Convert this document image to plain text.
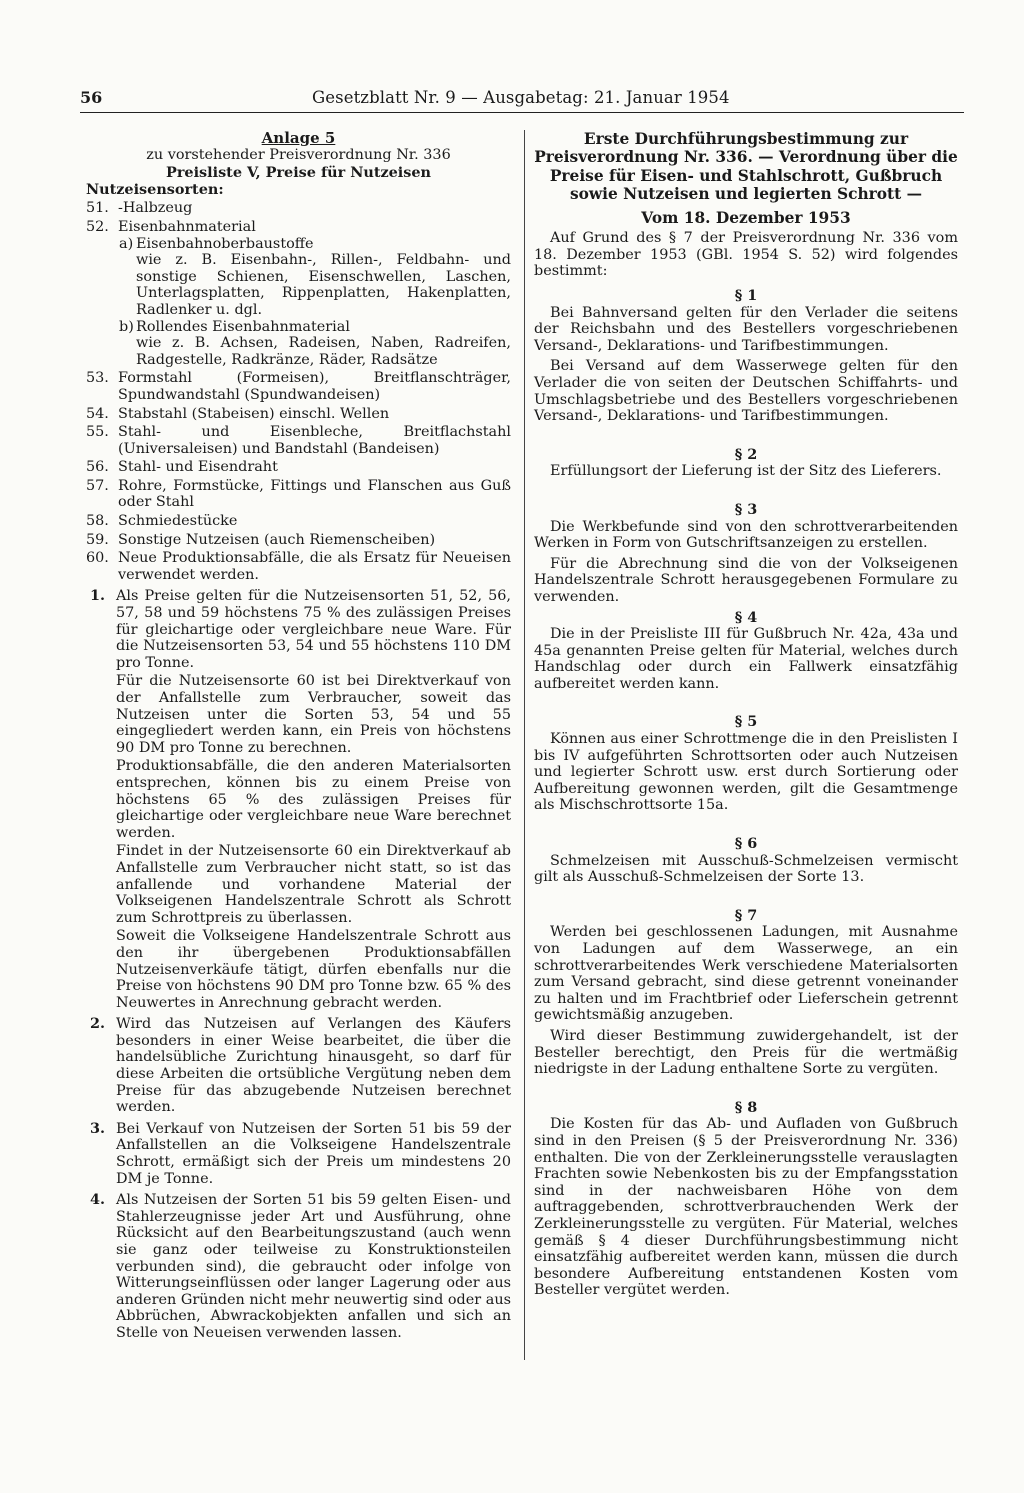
56	Gesetzblatt Nr. 9 — Ausgabetag: 21. Januar 1954
Anlage 5
zu vorstehender Preisverordnung Nr. 336
Preisliste V, Preise für Nutzeisen
Nutzeisensorten:
51. -Halbzeug
52. Eisenbahnmaterial
a) Eisenbahnoberbaustoffe
wie z. B. Eisenbahn-, Rillen-, Feldbahn- und sonstige Schienen, Eisenschwellen, Laschen, Unterlagsplatten, Rippenplatten, Hakenplatten, Radlenker u. dgl.
b) Rollendes Eisenbahnmaterial
wie z. B. Achsen, Radeisen, Naben, Radreifen, Radgestelle, Radkränze, Räder, Radsätze
53. Formstahl (Formeisen), Breitflanschträger, Spundwandstahl (Spundwandeisen)
54. Stabstahl (Stabeisen) einschl. Wellen
55. Stahl- und Eisenbleche, Breitflachstahl (Universaleisen) und Bandstahl (Bandeisen)
56. Stahl- und Eisendraht
57. Rohre, Formstücke, Fittings und Flanschen aus Guß oder Stahl
58. Schmiedestücke
59. Sonstige Nutzeisen (auch Riemenscheiben)
60. Neue Produktionsabfälle, die als Ersatz für Neueisen verwendet werden.
1. Als Preise gelten für die Nutzeisensorten 51, 52, 56, 57, 58 und 59 höchstens 75 % des zulässigen Preises für gleichartige oder vergleichbare neue Ware. Für die Nutzeisensorten 53, 54 und 55 höchstens 110 DM pro Tonne.
Für die Nutzeisensorte 60 ist bei Direktverkauf von der Anfallstelle zum Verbraucher, soweit das Nutzeisen unter die Sorten 53, 54 und 55 eingegliedert werden kann, ein Preis von höchstens 90 DM pro Tonne zu berechnen.
Produktionsabfälle, die den anderen Materialsorten entsprechen, können bis zu einem Preise von höchstens 65 % des zulässigen Preises für gleichartige oder vergleichbare neue Ware berechnet werden.
Findet in der Nutzeisensorte 60 ein Direktverkauf ab Anfallstelle zum Verbraucher nicht statt, so ist das anfallende und vorhandene Material der Volkseigenen Handelszentrale Schrott als Schrott zum Schrottpreis zu überlassen.
Soweit die Volkseigene Handelszentrale Schrott aus den ihr übergebenen Produktionsabfällen Nutzeisenverkäufe tätigt, dürfen ebenfalls nur die Preise von höchstens 90 DM pro Tonne bzw. 65 % des Neuwertes in Anrechnung gebracht werden.
2. Wird das Nutzeisen auf Verlangen des Käufers besonders in einer Weise bearbeitet, die über die handelsübliche Zurichtung hinausgeht, so darf für diese Arbeiten die ortsübliche Vergütung neben dem Preise für das abzugebende Nutzeisen berechnet werden.
3. Bei Verkauf von Nutzeisen der Sorten 51 bis 59 der Anfallstellen an die Volkseigene Handelszentrale Schrott, ermäßigt sich der Preis um mindestens 20 DM je Tonne.
4. Als Nutzeisen der Sorten 51 bis 59 gelten Eisen- und Stahlerzeugnisse jeder Art und Ausführung, ohne Rücksicht auf den Bearbeitungszustand (auch wenn sie ganz oder teilweise zu Konstruktionsteilen verbunden sind), die gebraucht oder infolge von Witterungseinflüssen oder langer Lagerung oder aus anderen Gründen nicht mehr neuwertig sind oder aus Abbrüchen, Abwrackobjekten anfallen und sich an Stelle von Neueisen verwenden lassen.
Erste Durchführungsbestimmung zur Preisverordnung Nr. 336. — Verordnung über die Preise für Eisen- und Stahlschrott, Gußbruch sowie Nutzeisen und legierten Schrott —
Vom 18. Dezember 1953

Auf Grund des § 7 der Preisverordnung Nr. 336 vom 18. Dezember 1953 (GBl. 1954 S. 52) wird folgendes bestimmt:

§ 1

Bei Bahnversand gelten für den Verlader die seitens der Reichsbahn und des Bestellers vorgeschriebenen Versand-, Deklarations- und Tarifbestimmungen.

Bei Versand auf dem Wasserwege gelten für den Verlader die von seiten der Deutschen Schiffahrts- und Umschlagsbetriebe und des Bestellers vorgeschriebenen Versand-, Deklarations- und Tarifbestimmungen.

§ 2

Erfüllungsort der Lieferung ist der Sitz des Lieferers.

§ 3

Die Werkbefunde sind von den schrottverarbeitenden Werken in Form von Gutschriftsanzeigen zu erstellen.

Für die Abrechnung sind die von der Volkseigenen Handelszentrale Schrott herausgegebenen Formulare zu verwenden.

§ 4

Die in der Preisliste III für Gußbruch Nr. 42a, 43a und 45a genannten Preise gelten für Material, welches durch Handschlag oder durch ein Fallwerk einsatzfähig aufbereitet werden kann.

§ 5

Können aus einer Schrottmenge die in den Preislisten I bis IV aufgeführten Schrottsorten oder auch Nutzeisen und legierter Schrott usw. erst durch Sortierung oder Aufbereitung gewonnen werden, gilt die Gesamtmenge als Mischschrottsorte 15a.

§ 6

Schmelzeisen mit Ausschuß-Schmelzeisen vermischt gilt als Ausschuß-Schmelzeisen der Sorte 13.

§ 7

Werden bei geschlossenen Ladungen, mit Ausnahme von Ladungen auf dem Wasserwege, an ein schrottverarbeitendes Werk verschiedene Materialsorten zum Versand gebracht, sind diese getrennt voneinander zu halten und im Frachtbrief oder Lieferschein getrennt gewichtsmäßig anzugeben.

Wird dieser Bestimmung zuwidergehandelt, ist der Besteller berechtigt, den Preis für die wertmäßig niedrigste in der Ladung enthaltene Sorte zu vergüten.

§ 8

Die Kosten für das Ab- und Aufladen von Gußbruch sind in den Preisen (§ 5 der Preisverordnung Nr. 336) enthalten. Die von der Zerkleinerungsstelle verauslagten Frachten sowie Nebenkosten bis zu der Empfangsstation sind in der nachweisbaren Höhe von dem auftraggebenden, schrottverbrauchenden Werk der Zerkleinerungsstelle zu vergüten. Für Material, welches gemäß § 4 dieser Durchführungsbestimmung nicht einsatzfähig aufbereitet werden kann, müssen die durch besondere Aufbereitung entstandenen Kosten vom Besteller vergütet werden.
